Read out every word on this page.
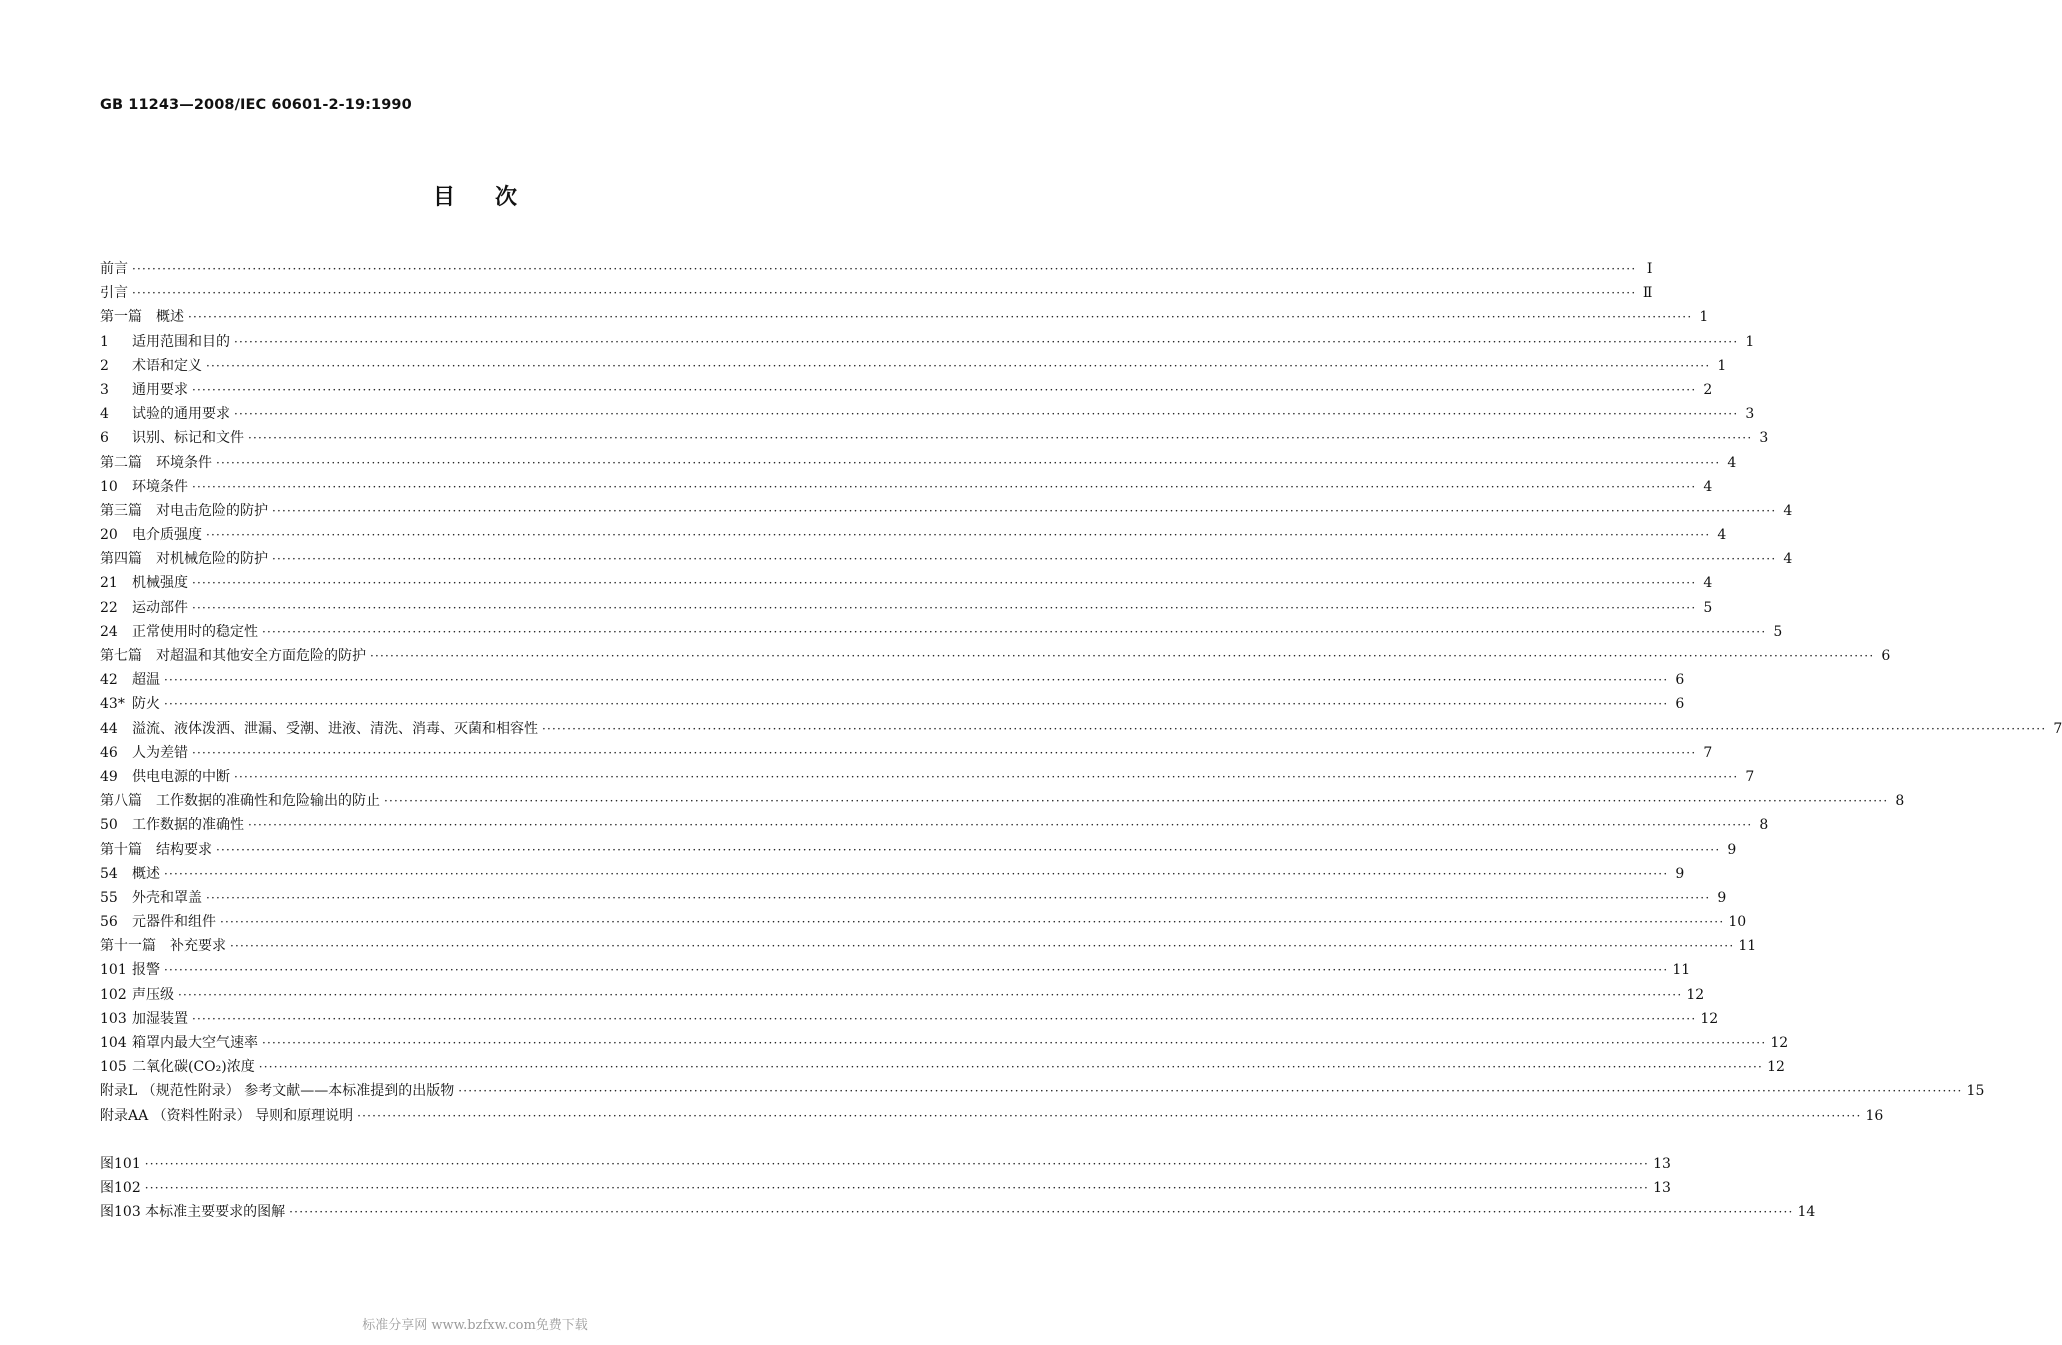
GB 11243—2008/IEC 60601-2-19:1990
目次
前言 ············································································································································································································································································································ Ⅰ
引言 ············································································································································································································································································································ Ⅱ
第一篇　概述 ············································································································································································································································································································ 1
1	适用范围和目的 ············································································································································································································································································································ 1
2	术语和定义 ············································································································································································································································································································ 1
3	通用要求 ············································································································································································································································································································ 2
4	试验的通用要求 ············································································································································································································································································································ 3
6	识别、标记和文件 ············································································································································································································································································································ 3
第二篇　环境条件 ············································································································································································································································································································ 4
10	环境条件 ············································································································································································································································································································ 4
第三篇　对电击危险的防护 ············································································································································································································································································································ 4
20	电介质强度 ············································································································································································································································································································ 4
第四篇　对机械危险的防护 ············································································································································································································································································································ 4
21	机械强度 ············································································································································································································································································································ 4
22	运动部件 ············································································································································································································································································································ 5
24	正常使用时的稳定性 ············································································································································································································································································································ 5
第七篇　对超温和其他安全方面危险的防护 ············································································································································································································································································································ 6
42	超温 ············································································································································································································································································································ 6
43* 防火 ············································································································································································································································································································ 6
44	溢流、液体泼洒、泄漏、受潮、进液、清洗、消毒、灭菌和相容性 ············································································································································································································································································································ 7
46	人为差错 ············································································································································································································································································································ 7
49	供电电源的中断 ············································································································································································································································································································ 7
第八篇　工作数据的准确性和危险输出的防止 ············································································································································································································································································································ 8
50	工作数据的准确性 ············································································································································································································································································································ 8
第十篇　结构要求 ············································································································································································································································································································ 9
54	概述 ············································································································································································································································································································ 9
55	外壳和罩盖 ············································································································································································································································································································ 9
56	元器件和组件 ············································································································································································································································································································ 10
第十一篇　补充要求 ············································································································································································································································································································ 11
101 报警 ············································································································································································································································································································ 11
102 声压级 ············································································································································································································································································································ 12
103 加湿装置 ············································································································································································································································································································ 12
104 箱罩内最大空气速率 ············································································································································································································································································································ 12
105 二氧化碳(CO₂)浓度 ············································································································································································································································································································ 12
附录L （规范性附录） 参考文献——本标准提到的出版物 ············································································································································································································································································································ 15
附录AA （资料性附录） 导则和原理说明 ············································································································································································································································································································ 16
图101 ············································································································································································································································································································ 13
图102 ············································································································································································································································································································ 13
图103 本标准主要要求的图解 ············································································································································································································································································································ 14
标准分享网 www.bzfxw.com免费下载
